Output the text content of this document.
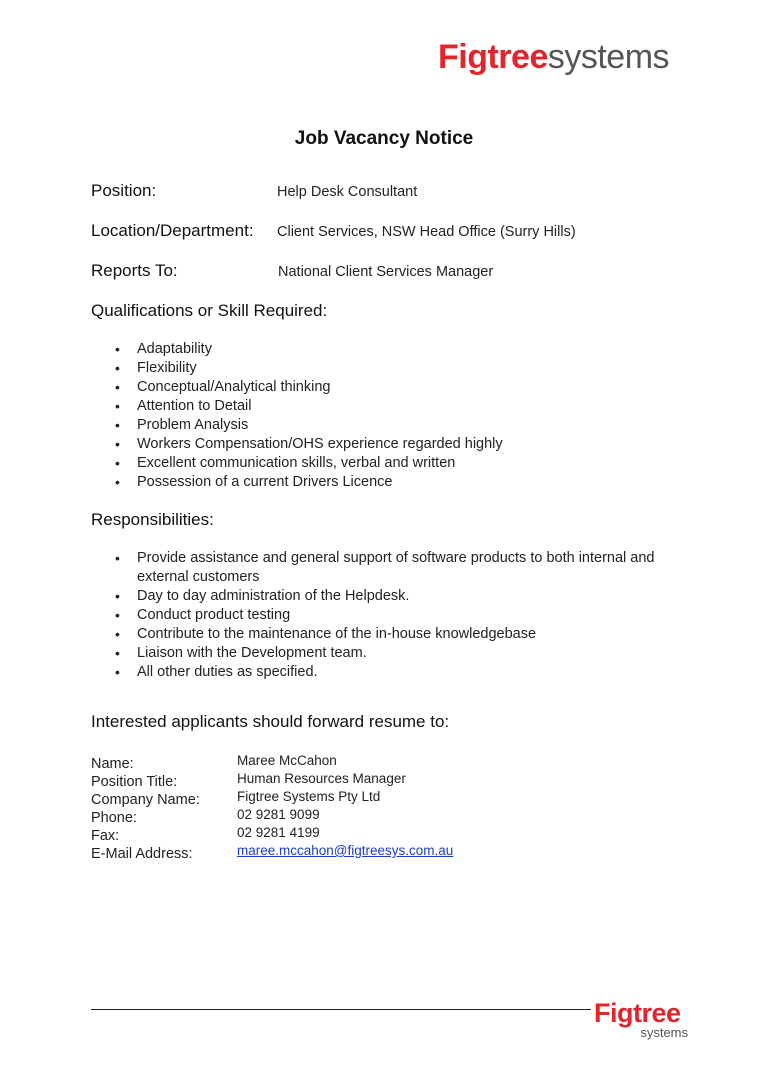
Figtreesystems
Job Vacancy Notice
Position:	Help Desk Consultant
Location/Department: Client Services, NSW Head Office (Surry Hills)
Reports To:	National Client Services Manager
Qualifications or Skill Required:
• Adaptability
• Flexibility
• Conceptual/Analytical thinking
• Attention to Detail
• Problem Analysis
• Workers Compensation/OHS experience regarded highly
• Excellent communication skills, verbal and written
• Possession of a current Drivers Licence
Responsibilities:
• Provide assistance and general support of software products to both internal and external customers
• Day to day administration of the Helpdesk.
• Conduct product testing
• Contribute to the maintenance of the in-house knowledgebase
• Liaison with the Development team.
• All other duties as specified.
Interested applicants should forward resume to:
Name:	Maree McCahon
Position Title:	Human Resources Manager
Company Name:	Figtree Systems Pty Ltd
Phone:	02 9281 9099
Fax:	02 9281 4199
E-Mail Address:	maree.mccahon@figtreesys.com.au
Figtree
systems
